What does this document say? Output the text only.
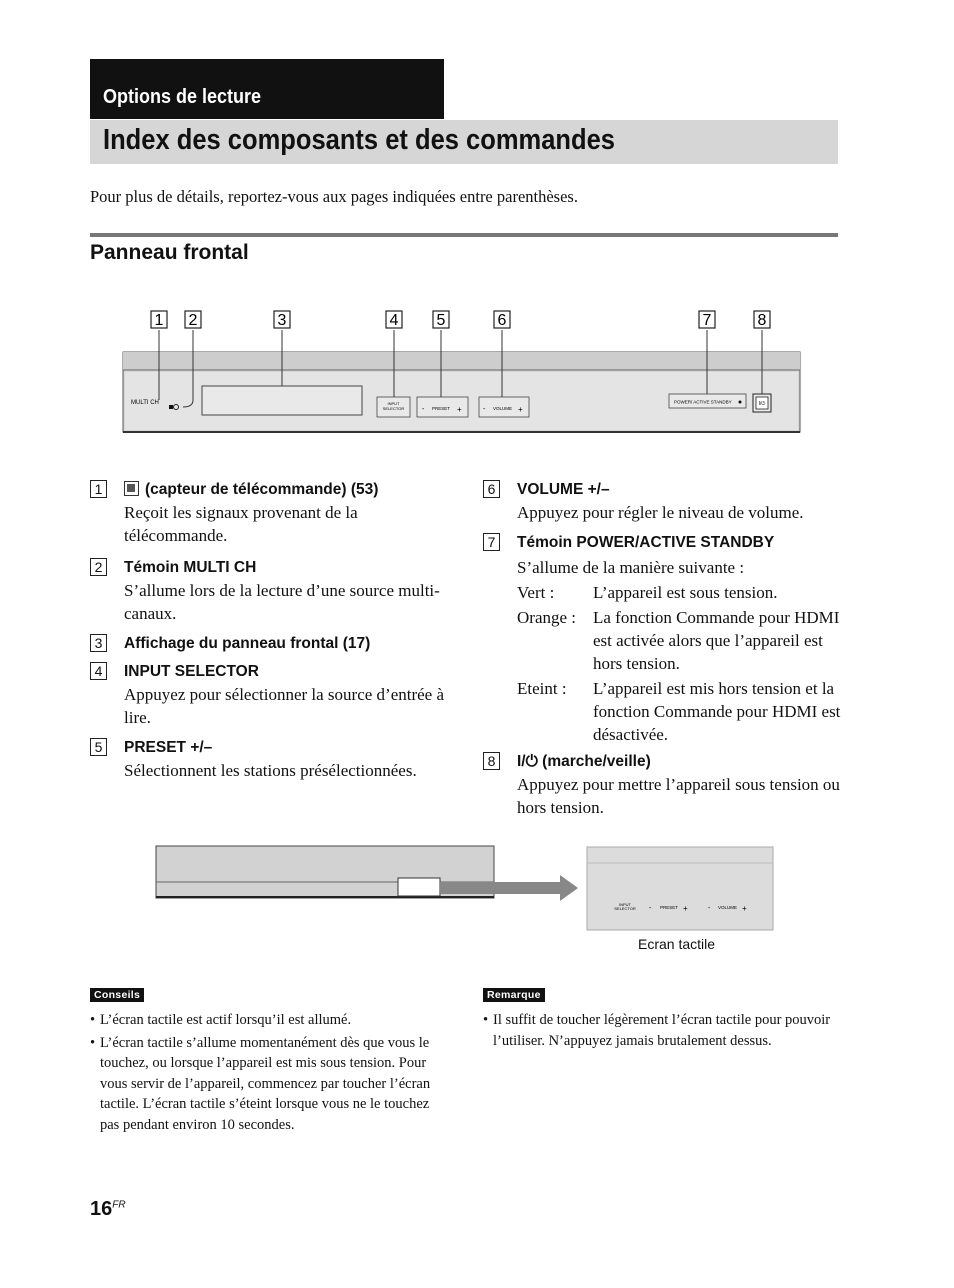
Options de lecture
Index des composants et des commandes
Pour plus de détails, reportez-vous aux pages indiquées entre parenthèses.
Panneau frontal
MULTI CH	INPUT
SELECTOR	- PRESET +	- VOLUME +
POWER/ ACTIVE STANDBY	I/⏻
1 2	3	4 5	6	7	8
1	(capteur de télécommande) (53)
Reçoit les signaux provenant de la télécommande.
2 Témoin MULTI CH
S’allume lors de la lecture d’une source multi-canaux.
3 Affichage du panneau frontal (17)
4 INPUT SELECTOR
Appuyez pour sélectionner la source d’entrée à lire.
5 PRESET +/–
Sélectionnent les stations présélectionnées.
6 VOLUME +/–
Appuyez pour régler le niveau de volume.
7 Témoin POWER/ACTIVE STANDBY
S’allume de la manière suivante :
Vert :	L’appareil est sous tension.
Orange : La fonction Commande pour HDMI est activée alors que l’appareil est hors tension.
Eteint :	L’appareil est mis hors tension et la fonction Commande pour HDMI est désactivée.
8 I/⏻ (marche/veille)
Appuyez pour mettre l’appareil sous tension ou hors tension.
INPUT
SELECTOR - PRESET +	- VOLUME +
Ecran tactile
Conseils
• L’écran tactile est actif lorsqu’il est allumé.
• L’écran tactile s’allume momentanément dès que vous le touchez, ou lorsque l’appareil est mis sous tension. Pour vous servir de l’appareil, commencez par toucher l’écran tactile. L’écran tactile s’éteint lorsque vous ne le touchez pas pendant environ 10 secondes.
Remarque
• Il suffit de toucher légèrement l’écran tactile pour pouvoir l’utiliser. N’appuyez jamais brutalement dessus.
$16^{FR}$
